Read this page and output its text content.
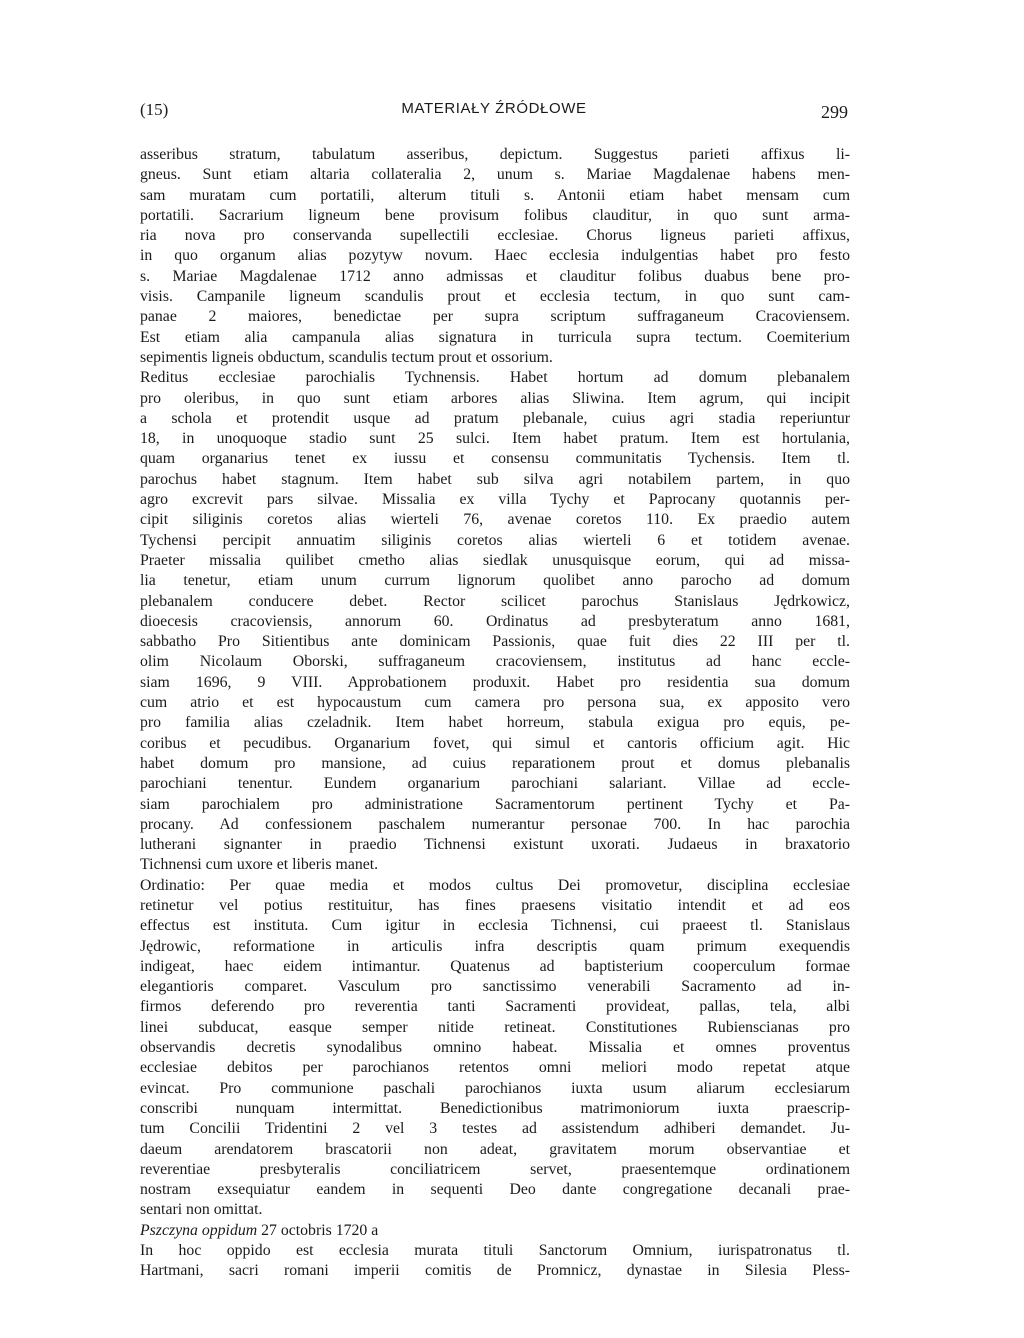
(15)	MATERIAŁY ŹRÓDŁOWE	299
asseribus stratum, tabulatum asseribus, depictum. Suggestus parieti affixus li-
gneus. Sunt etiam altaria collateralia 2, unum s. Mariae Magdalenae habens men-
sam muratam cum portatili, alterum tituli s. Antonii etiam habet mensam cum
portatili. Sacrarium ligneum bene provisum folibus clauditur, in quo sunt arma-
ria nova pro conservanda supellectili ecclesiae. Chorus ligneus parieti affixus,
in quo organum alias pozytyw novum. Haec ecclesia indulgentias habet pro festo
s. Mariae Magdalenae 1712 anno admissas et clauditur folibus duabus bene pro-
visis. Campanile ligneum scandulis prout et ecclesia tectum, in quo sunt cam-
panae 2 maiores, benedictae per supra scriptum suffraganeum Cracoviensem.
Est etiam alia campanula alias signatura in turricula supra tectum. Coemiterium
sepimentis ligneis obductum, scandulis tectum prout et ossorium.
Reditus ecclesiae parochialis Tychnensis. Habet hortum ad domum plebanalem
pro oleribus, in quo sunt etiam arbores alias Sliwina. Item agrum, qui incipit
a schola et protendit usque ad pratum plebanale, cuius agri stadia reperiuntur
18, in unoquoque stadio sunt 25 sulci. Item habet pratum. Item est hortulania,
quam organarius tenet ex iussu et consensu communitatis Tychensis. Item tl.
parochus habet stagnum. Item habet sub silva agri notabilem partem, in quo
agro excrevit pars silvae. Missalia ex villa Tychy et Paprocany quotannis per-
cipit siliginis coretos alias wierteli 76, avenae coretos 110. Ex praedio autem
Tychensi percipit annuatim siliginis coretos alias wierteli 6 et totidem avenae.
Praeter missalia quilibet cmetho alias siedlak unusquisque eorum, qui ad missa-
lia tenetur, etiam unum currum lignorum quolibet anno parocho ad domum
plebanalem conducere debet. Rector scilicet parochus Stanislaus Jędrkowicz,
dioecesis cracoviensis, annorum 60. Ordinatus ad presbyteratum anno 1681,
sabbatho Pro Sitientibus ante dominicam Passionis, quae fuit dies 22 III per tl.
olim Nicolaum Oborski, suffraganeum cracoviensem, institutus ad hanc eccle-
siam 1696, 9 VIII. Approbationem produxit. Habet pro residentia sua domum
cum atrio et est hypocaustum cum camera pro persona sua, ex apposito vero
pro familia alias czeladnik. Item habet horreum, stabula exigua pro equis, pe-
coribus et pecudibus. Organarium fovet, qui simul et cantoris officium agit. Hic
habet domum pro mansione, ad cuius reparationem prout et domus plebanalis
parochiani tenentur. Eundem organarium parochiani salariant. Villae ad eccle-
siam parochialem pro administratione Sacramentorum pertinent Tychy et Pa-
procany. Ad confessionem paschalem numerantur personae 700. In hac parochia
lutherani signanter in praedio Tichnensi existunt uxorati. Judaeus in braxatorio
Tichnensi cum uxore et liberis manet.
Ordinatio: Per quae media et modos cultus Dei promovetur, disciplina ecclesiae
retinetur vel potius restituitur, has fines praesens visitatio intendit et ad eos
effectus est instituta. Cum igitur in ecclesia Tichnensi, cui praeest tl. Stanislaus
Jędrowic, reformatione in articulis infra descriptis quam primum exequendis
indigeat, haec eidem intimantur. Quatenus ad baptisterium cooperculum formae
elegantioris comparet. Vasculum pro sanctissimo venerabili Sacramento ad in-
firmos deferendo pro reverentia tanti Sacramenti provideat, pallas, tela, albi
linei subducat, easque semper nitide retineat. Constitutiones Rubienscianas pro
observandis decretis synodalibus omnino habeat. Missalia et omnes proventus
ecclesiae debitos per parochianos retentos omni meliori modo repetat atque
evincat. Pro communione paschali parochianos iuxta usum aliarum ecclesiarum
conscribi nunquam intermittat. Benedictionibus matrimoniorum iuxta praescrip-
tum Concilii Tridentini 2 vel 3 testes ad assistendum adhiberi demandet. Ju-
daeum arendatorem brascatorii non adeat, gravitatem morum observantiae et
reverentiae presbyteralis conciliatricem servet, praesentemque ordinationem
nostram exsequiatur eandem in sequenti Deo dante congregatione decanali prae-
sentari non omittat.
Pszczyna oppidum 27 octobris 1720 a
In hoc oppido est ecclesia murata tituli Sanctorum Omnium, iurispatronatus tl.
Hartmani, sacri romani imperii comitis de Promnicz, dynastae in Silesia Pless-
